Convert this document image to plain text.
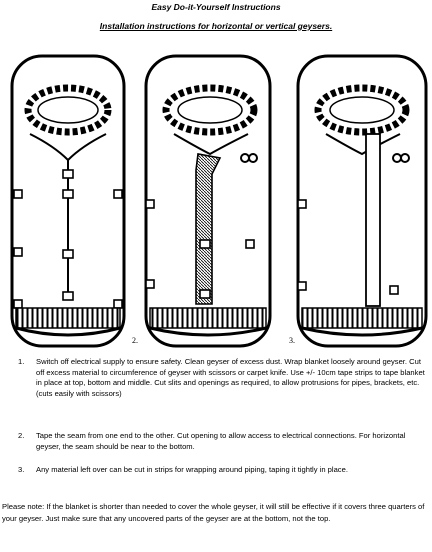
Easy Do-it-Yourself Instructions
Installation instructions for horizontal or vertical geysers.
2.	3.
1. Switch off electrical supply to ensure safety. Clean geyser of excess dust. Wrap blanket loosely around geyser. Cut off excess material to circumference of geyser with scissors or carpet knife. Use +/- 10cm tape strips to tape blanket in place at top, bottom and middle. Cut slits and openings as required, to allow protrusions for pipes, brackets, etc. (cuts easily with scissors)
2. Tape the seam from one end to the other. Cut opening to allow access to electrical connections. For horizontal geyser, the seam should be near to the bottom.
3. Any material left over can be cut in strips for wrapping around piping, taping it tightly in place.
Please note: If the blanket is shorter than needed to cover the whole geyser, it will still be effective if it covers three quarters of your geyser. Just make sure that any uncovered parts of the geyser are at the bottom, not the top.
